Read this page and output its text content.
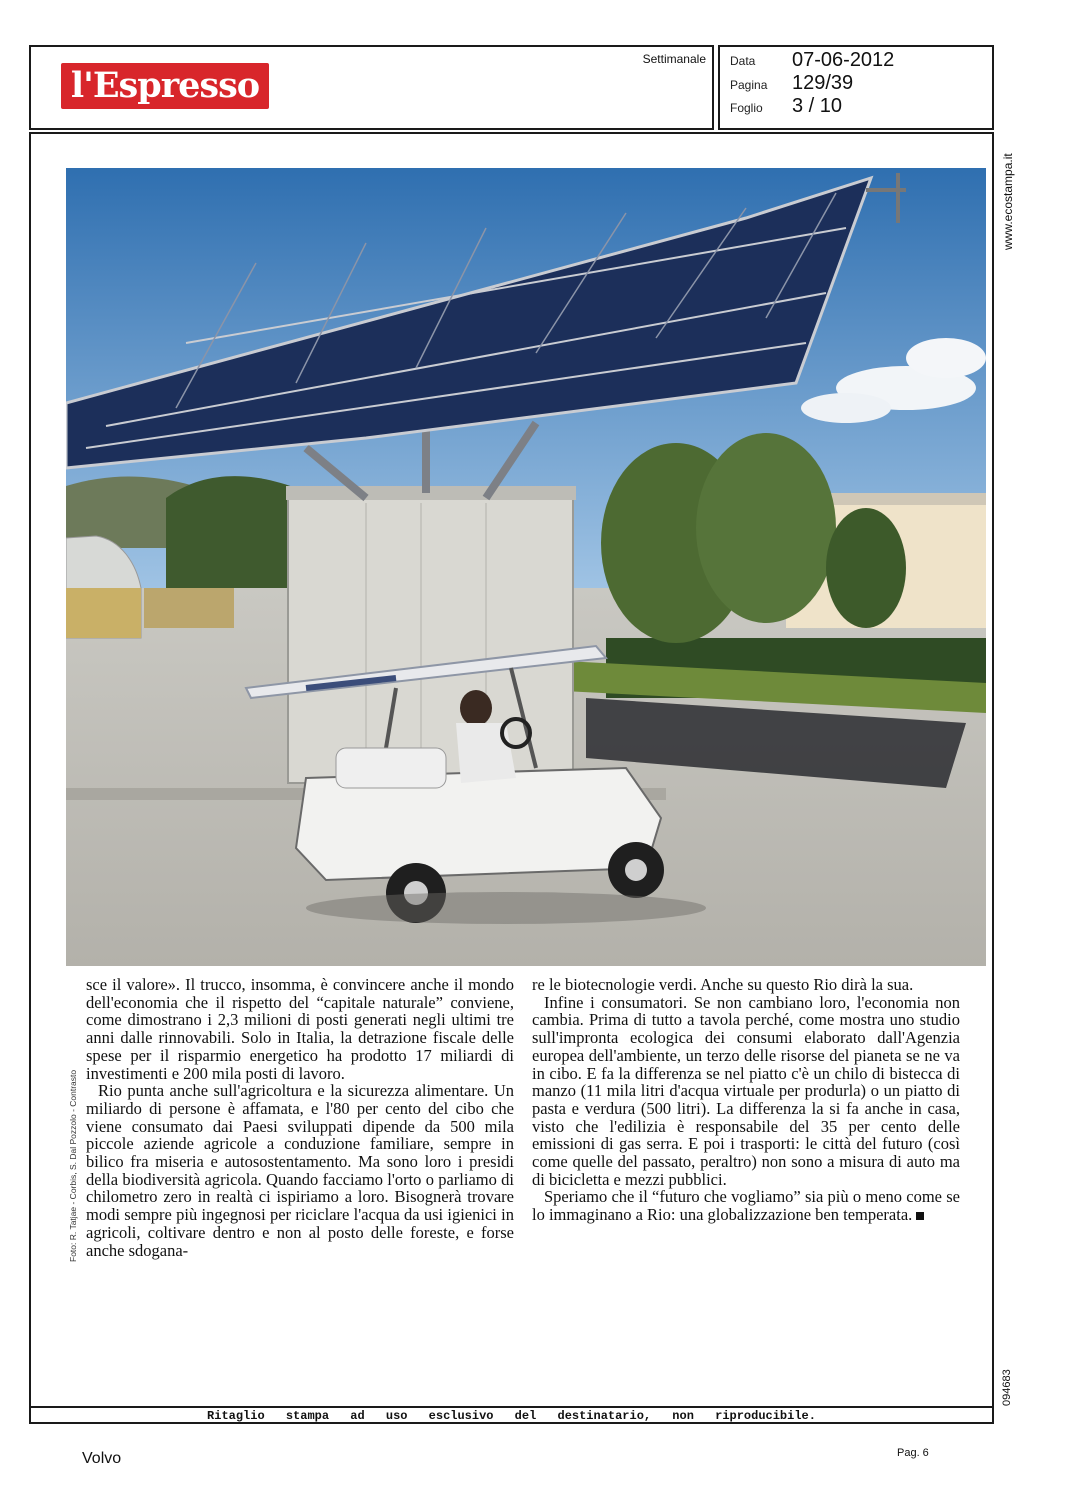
l'Espresso
Settimanale Data 07-06-2012
Pagina 129/39
Foglio 3 / 10
www.ecostampa.it
094683
Ritaglio stampa ad uso esclusivo del destinatario, non riproducibile.
Foto: R. Tatjae - Corbis, S. Dal Pozzolo - Contrasto

sce il valore». Il trucco, insomma, è convincere anche il mondo dell'economia che il rispetto del “capitale naturale” conviene, come dimostrano i 2,3 milioni di posti generati negli ultimi tre anni dalle rinnovabili. Solo in Italia, la detrazione fiscale delle spese per il risparmio energetico ha prodotto 17 miliardi di investimenti e 200 mila posti di lavoro.

Rio punta anche sull'agricoltura e la sicurezza alimentare. Un miliardo di persone è affamata, e l'80 per cento del cibo che viene consumato dai Paesi sviluppati dipende da 500 mila piccole aziende agricole a conduzione familiare, sempre in bilico fra miseria e autosostentamento. Ma sono loro i presidi della biodiversità agricola. Quando facciamo l'orto o parliamo di chilometro zero in realtà ci ispiriamo a loro. Bisognerà trovare modi sempre più ingegnosi per riciclare l'acqua da usi igienici in agricoli, coltivare dentro e non al posto delle foreste, e forse anche sdogana-

re le biotecnologie verdi. Anche su questo Rio dirà la sua.

Infine i consumatori. Se non cambiano loro, l'economia non cambia. Prima di tutto a tavola perché, come mostra uno studio sull'impronta ecologica dei consumi elaborato dall'Agenzia europea dell'ambiente, un terzo delle risorse del pianeta se ne va in cibo. E fa la differenza se nel piatto c'è un chilo di bistecca di manzo (11 mila litri d'acqua virtuale per produrla) o un piatto di pasta e verdura (500 litri). La differenza la si fa anche in casa, visto che l'edilizia è responsabile del 35 per cento delle emissioni di gas serra. E poi i trasporti: le città del futuro (così come quelle del passato, peraltro) non sono a misura di auto ma di bicicletta e mezzi pubblici.

Speriamo che il “futuro che vogliamo” sia più o meno come se lo immaginano a Rio: una globalizzazione ben temperata.

Volvo	Pag. 6
